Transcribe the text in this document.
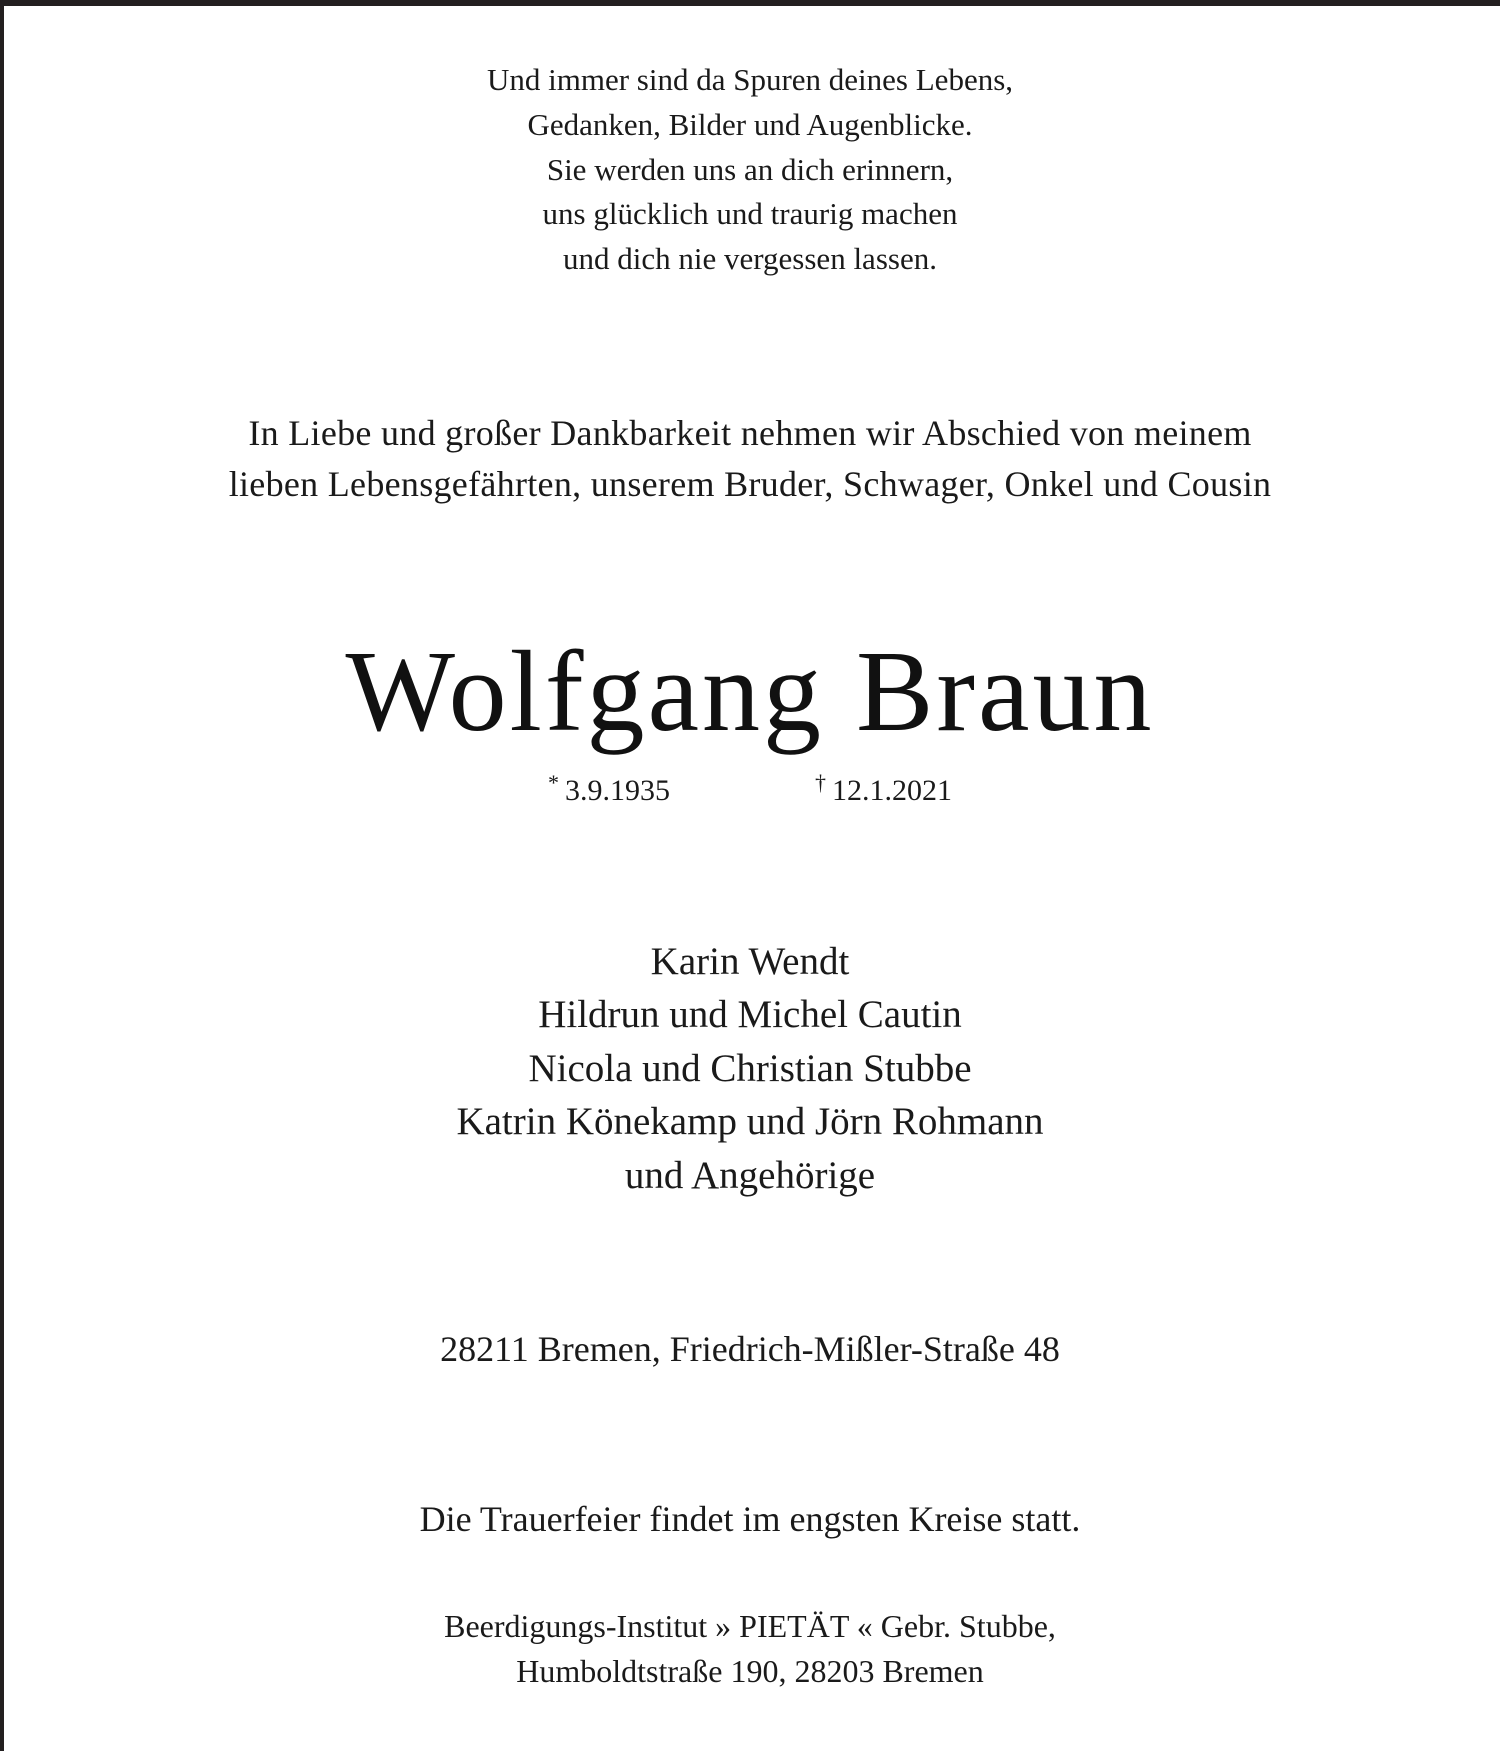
Und immer sind da Spuren deines Lebens,
Gedanken, Bilder und Augenblicke.
Sie werden uns an dich erinnern,
uns glücklich und traurig machen
und dich nie vergessen lassen.
In Liebe und großer Dankbarkeit nehmen wir Abschied von meinem
lieben Lebensgefährten, unserem Bruder, Schwager, Onkel und Cousin
Wolfgang Braun
* 3.9.1935	† 12.1.2021
Karin Wendt
Hildrun und Michel Cautin
Nicola und Christian Stubbe
Katrin Könekamp und Jörn Rohmann
und Angehörige
28211 Bremen, Friedrich-Mißler-Straße 48
Die Trauerfeier findet im engsten Kreise statt.
Beerdigungs-Institut » PIETÄT « Gebr. Stubbe,
Humboldtstraße 190, 28203 Bremen
